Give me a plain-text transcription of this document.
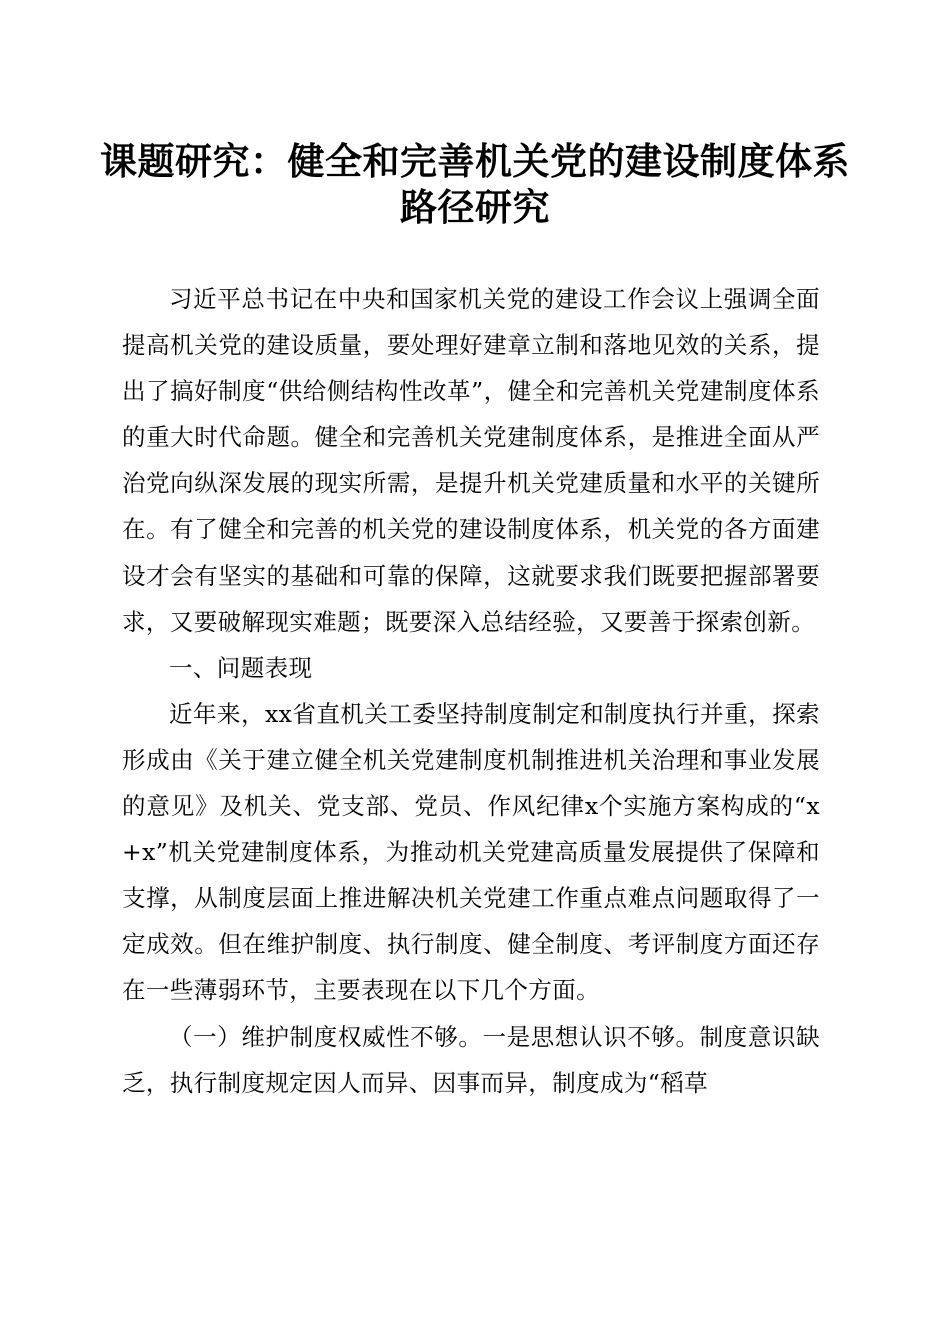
课题研究：健全和完善机关党的建设制度体系
路径研究

习近平总书记在中央和国家机关党的建设工作会议上强调全面提高机关党的建设质量，要处理好建章立制和落地见效的关系，提出了搞好制度“供给侧结构性改革”，健全和完善机关党建制度体系的重大时代命题。健全和完善机关党建制度体系，是推进全面从严治党向纵深发展的现实所需，是提升机关党建质量和水平的关键所在。有了健全和完善的机关党的建设制度体系，机关党的各方面建设才会有坚实的基础和可靠的保障，这就要求我们既要把握部署要求，又要破解现实难题；既要深入总结经验，又要善于探索创新。

一、问题表现

近年来，xx省直机关工委坚持制度制定和制度执行并重，探索形成由《关于建立健全机关党建制度机制推进机关治理和事业发展的意见》及机关、党支部、党员、作风纪律x个实施方案构成的“x+x”机关党建制度体系，为推动机关党建高质量发展提供了保障和支撑，从制度层面上推进解决机关党建工作重点难点问题取得了一定成效。但在维护制度、执行制度、健全制度、考评制度方面还存在一些薄弱环节，主要表现在以下几个方面。

（一）维护制度权威性不够。一是思想认识不够。制度意识缺乏，执行制度规定因人而异、因事而异，制度成为“稻草
